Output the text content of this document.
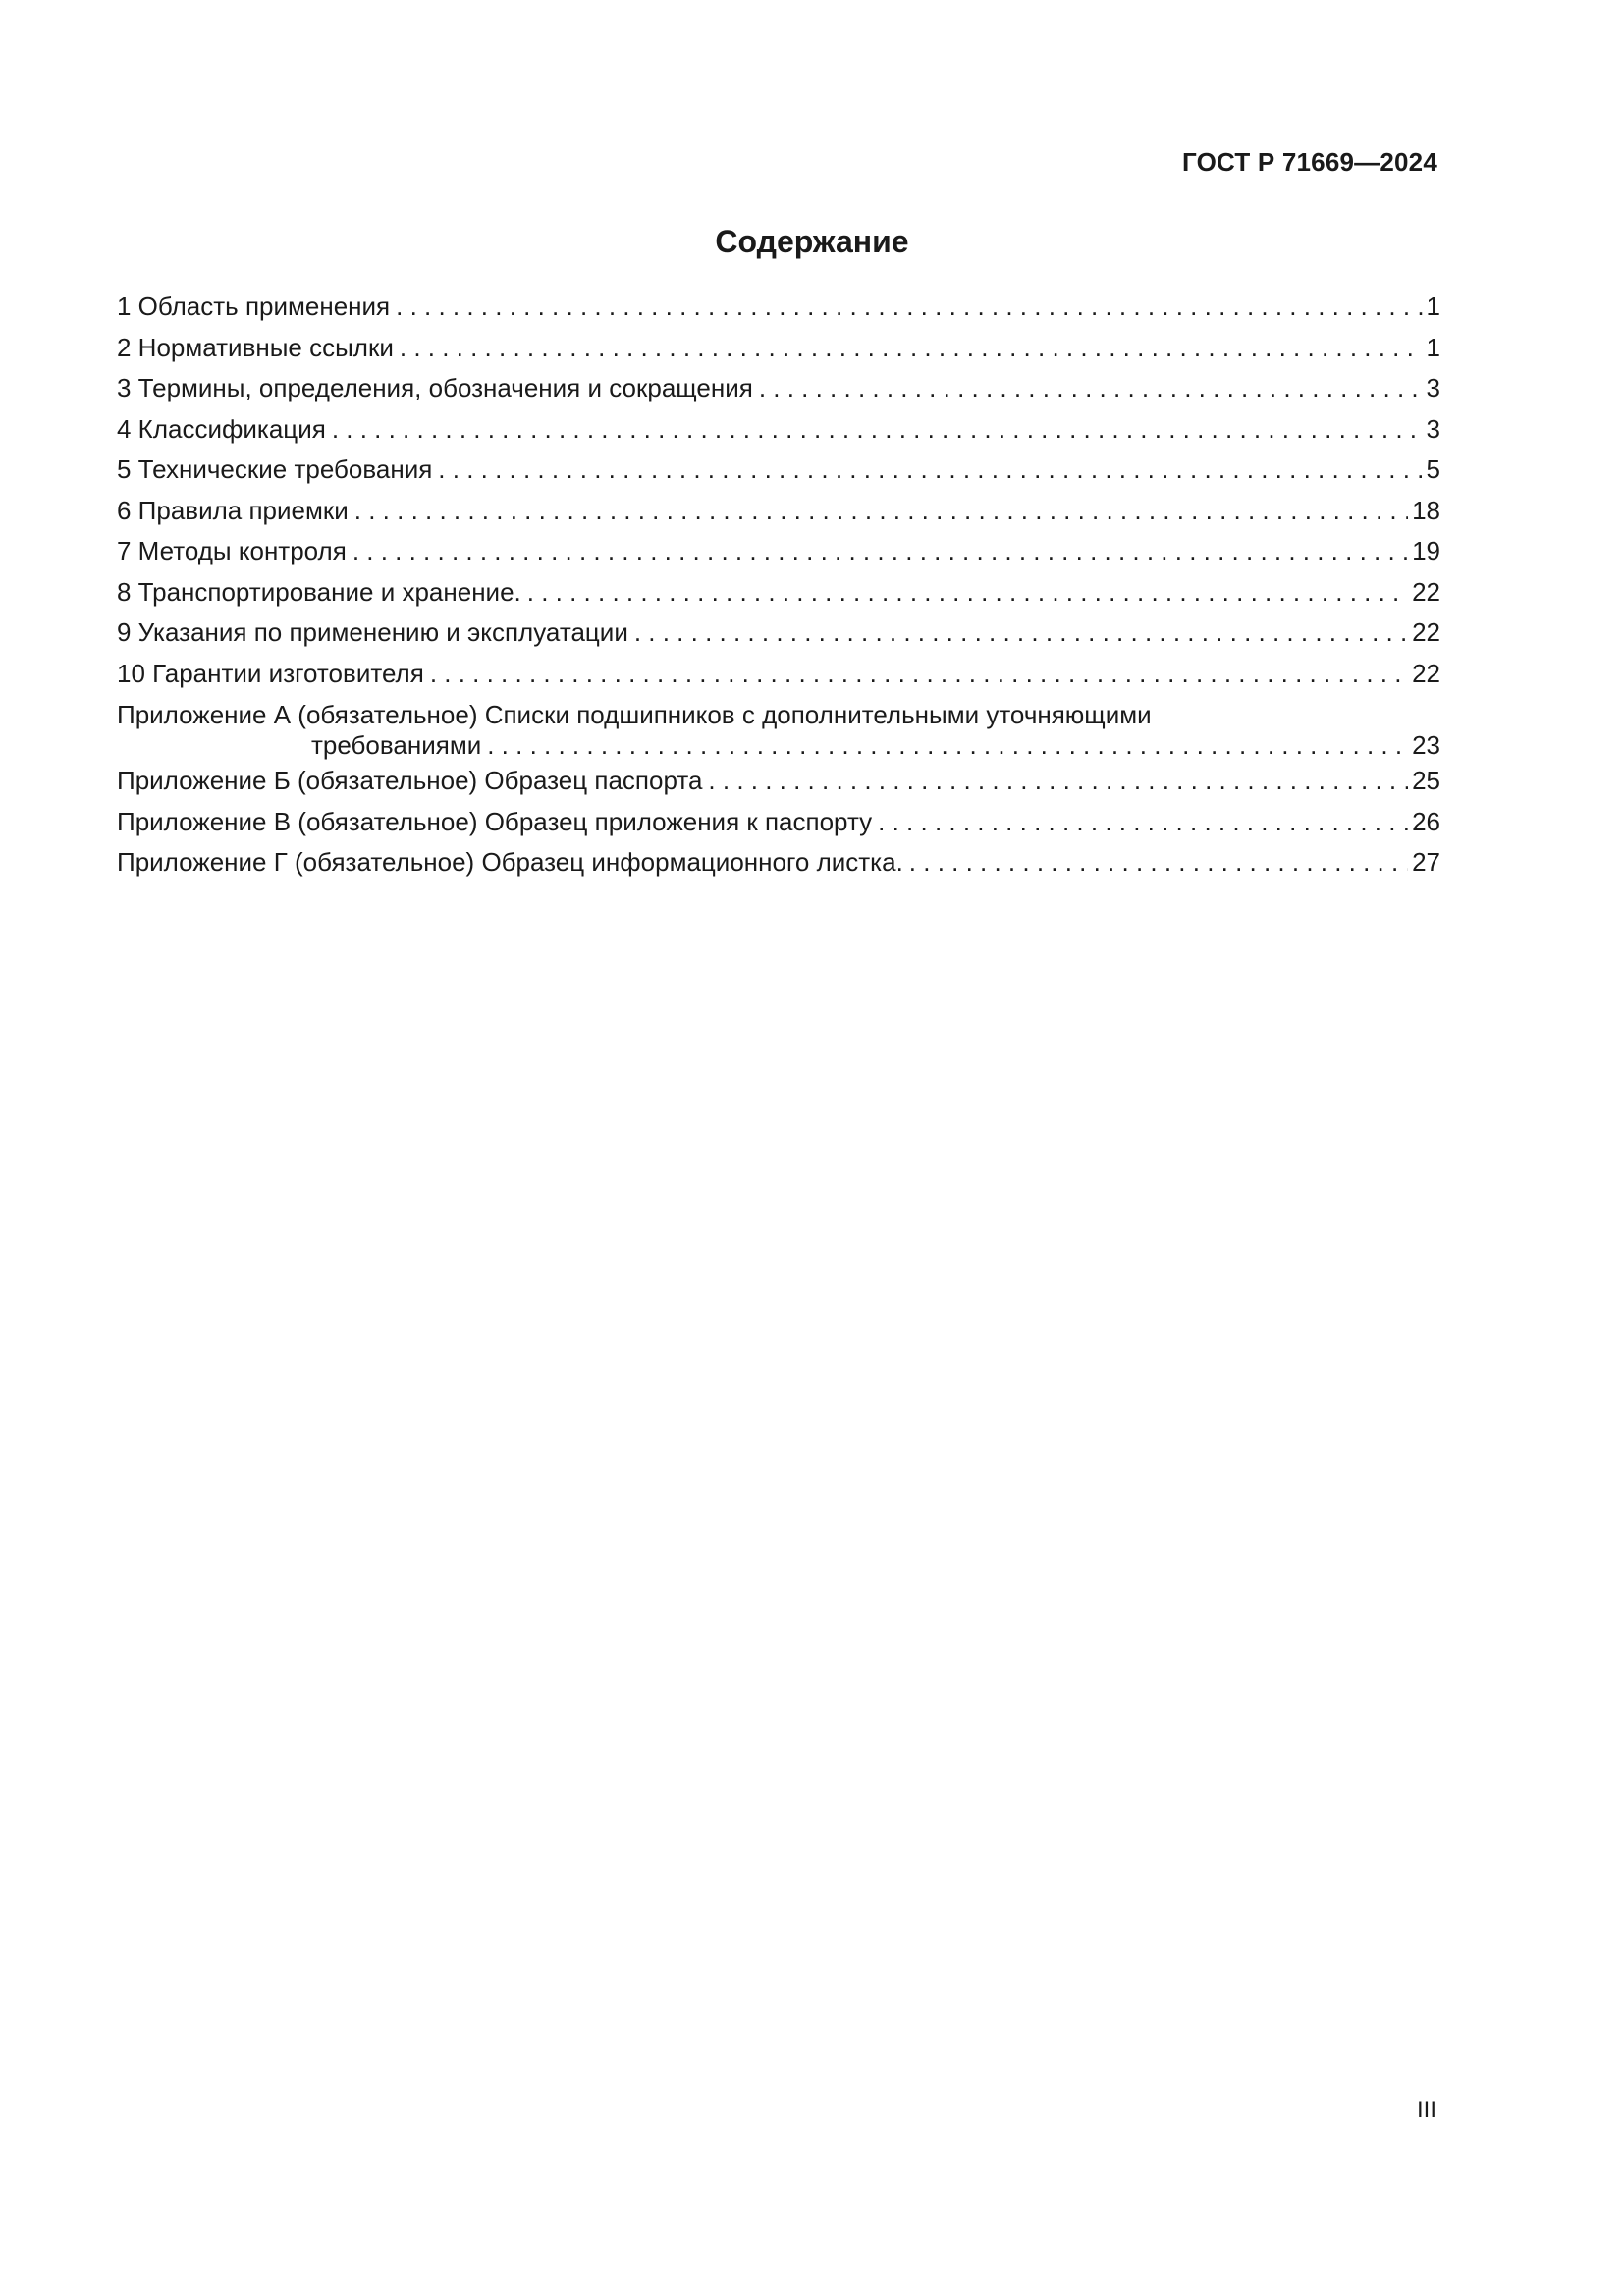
ГОСТ Р 71669—2024
Содержание
1 Область применения . . .	1
2 Нормативные ссылки . . .	1
3 Термины, определения, обозначения и сокращения . . .	3
4 Классификация . . .	3
5 Технические требования . . .	5
6 Правила приемки . . .	18
7 Методы контроля . . .	19
8 Транспортирование и хранение. . . .	22
9 Указания по применению и эксплуатации . . .	22
10 Гарантии изготовителя . . .	22
Приложение А (обязательное) Списки подшипников с дополнительными уточняющими
требованиями . . .	23
Приложение Б (обязательное) Образец паспорта . . .	25
Приложение В (обязательное) Образец приложения к паспорту . . .	26
Приложение Г (обязательное) Образец информационного листка. . . .	27
III
